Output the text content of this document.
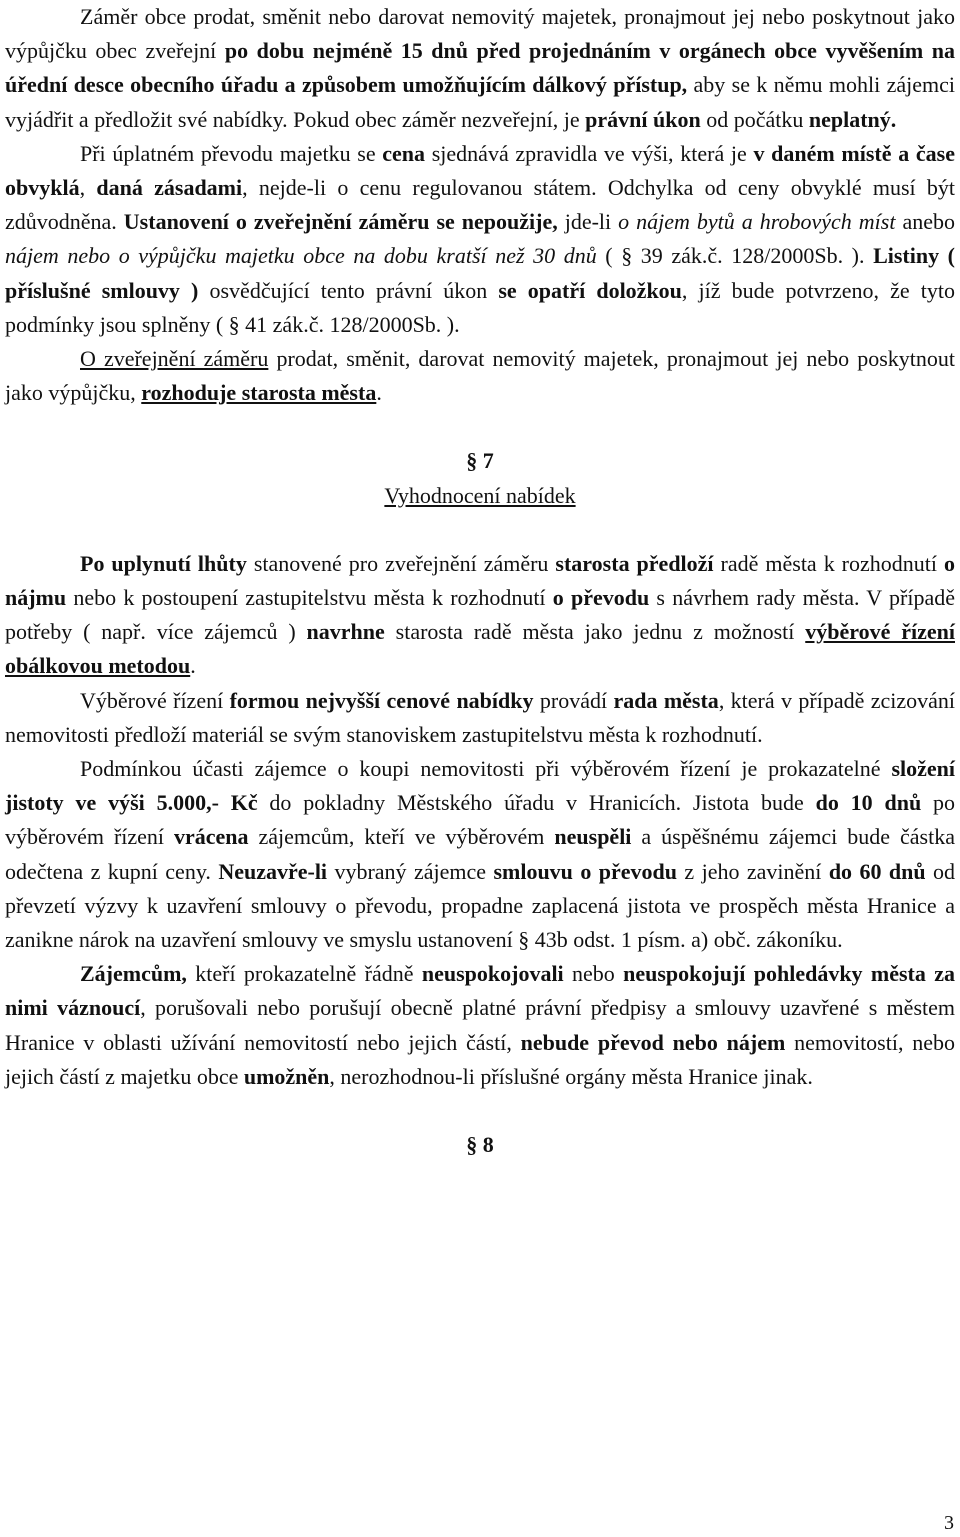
Záměr obce prodat, směnit nebo darovat nemovitý majetek, pronajmout jej nebo poskytnout jako výpůjčku obec zveřejní po dobu nejméně 15 dnů před projednáním v orgánech obce vyvěšením na úřední desce obecního úřadu a způsobem umožňujícím dálkový přístup, aby se k němu mohli zájemci vyjádřit a předložit své nabídky. Pokud obec záměr nezveřejní, je právní úkon od počátku neplatný.

Při úplatném převodu majetku se cena sjednává zpravidla ve výši, která je v daném místě a čase obvyklá, daná zásadami, nejde-li o cenu regulovanou státem. Odchylka od ceny obvyklé musí být zdůvodněna. Ustanovení o zveřejnění záměru se nepoužije, jde-li o nájem bytů a hrobových míst anebo nájem nebo o výpůjčku majetku obce na dobu kratší než 30 dnů ( § 39 zák.č. 128/2000Sb. ). Listiny ( příslušné smlouvy ) osvědčující tento právní úkon se opatří doložkou, jíž bude potvrzeno, že tyto podmínky jsou splněny ( § 41 zák.č. 128/2000Sb. ).

O zveřejnění záměru prodat, směnit, darovat nemovitý majetek, pronajmout jej nebo poskytnout jako výpůjčku, rozhoduje starosta města.

§ 7

Vyhodnocení nabídek

Po uplynutí lhůty stanovené pro zveřejnění záměru starosta předloží radě města k rozhodnutí o nájmu nebo k postoupení zastupitelstvu města k rozhodnutí o převodu s návrhem rady města. V případě potřeby ( např. více zájemců ) navrhne starosta radě města jako jednu z možností výběrové řízení obálkovou metodou.

Výběrové řízení formou nejvyšší cenové nabídky provádí rada města, která v případě zcizování nemovitosti předloží materiál se svým stanoviskem zastupitelstvu města k rozhodnutí.

Podmínkou účasti zájemce o koupi nemovitosti při výběrovém řízení je prokazatelné složení jistoty ve výši 5.000,- Kč do pokladny Městského úřadu v Hranicích. Jistota bude do 10 dnů po výběrovém řízení vrácena zájemcům, kteří ve výběrovém neuspěli a úspěšnému zájemci bude částka odečtena z kupní ceny. Neuzavře-li vybraný zájemce smlouvu o převodu z jeho zavinění do 60 dnů od převzetí výzvy k uzavření smlouvy o převodu, propadne zaplacená jistota ve prospěch města Hranice a zanikne nárok na uzavření smlouvy ve smyslu ustanovení § 43b odst. 1 písm. a) obč. zákoníku.

Zájemcům, kteří prokazatelně řádně neuspokojovali nebo neuspokojují pohledávky města za nimi váznoucí, porušovali nebo porušují obecně platné právní předpisy a smlouvy uzavřené s městem Hranice v oblasti užívání nemovitostí nebo jejich částí, nebude převod nebo nájem nemovitostí, nebo jejich částí z majetku obce umožněn, nerozhodnou-li příslušné orgány města Hranice jinak.

§ 8

3
